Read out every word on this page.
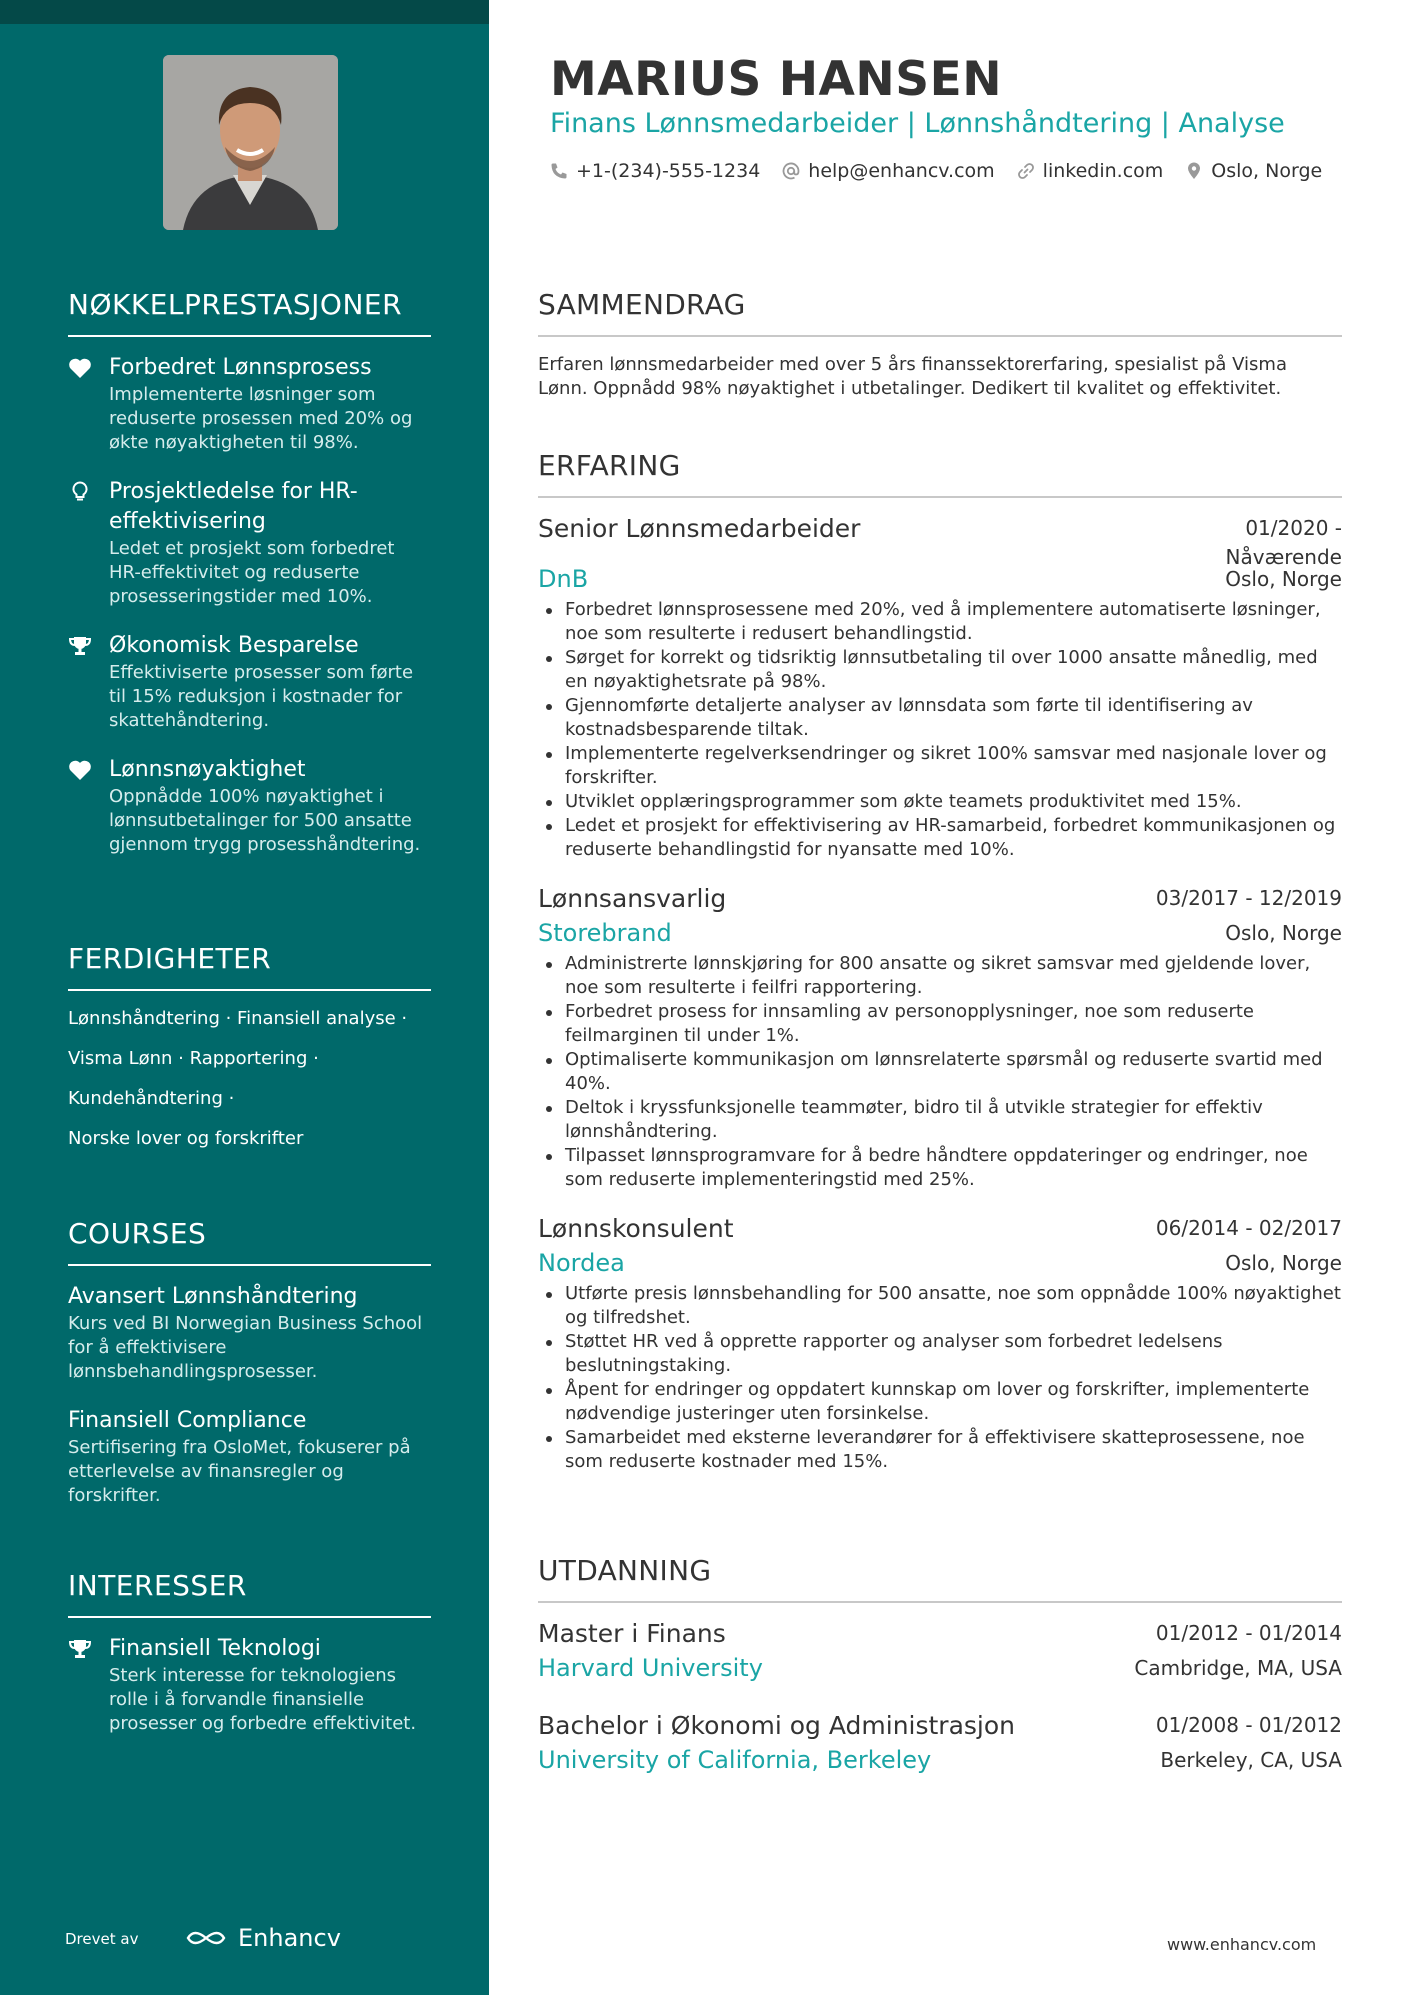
NØKKELPRESTASJONER
Forbedret Lønnsprosess
Implementerte løsninger som reduserte prosessen med 20% og økte nøyaktigheten til 98%.
Prosjektledelse for HR-effektivisering
Ledet et prosjekt som forbedret HR-effektivitet og reduserte prosesseringstider med 10%.
Økonomisk Besparelse
Effektiviserte prosesser som førte til 15% reduksjon i kostnader for skattehåndtering.
Lønnsnøyaktighet
Oppnådde 100% nøyaktighet i lønnsutbetalinger for 500 ansatte gjennom trygg prosesshåndtering.
FERDIGHETER
Lønnshåndtering · Finansiell analyse ·
Visma Lønn · Rapportering ·
Kundehåndtering ·
Norske lover og forskrifter
COURSES
Avansert Lønnshåndtering
Kurs ved BI Norwegian Business School for å effektivisere lønnsbehandlingsprosesser.
Finansiell Compliance
Sertifisering fra OsloMet, fokuserer på etterlevelse av finansregler og forskrifter.
INTERESSER
Finansiell Teknologi
Sterk interesse for teknologiens rolle i å forvandle finansielle prosesser og forbedre effektivitet.
Drevet av	Enhancv
MARIUS HANSEN
Finans Lønnsmedarbeider | Lønnshåndtering | Analyse
+1-(234)-555-1234	help@enhancv.com	linkedin.com	Oslo, Norge
SAMMENDRAG
Erfaren lønnsmedarbeider med over 5 års finanssektorerfaring, spesialist på Visma Lønn. Oppnådd 98% nøyaktighet i utbetalinger. Dedikert til kvalitet og effektivitet.
ERFARING
Senior Lønnsmedarbeider	01/2020 -
Nåværende
DnB	Oslo, Norge
Forbedret lønnsprosessene med 20%, ved å implementere automatiserte løsninger, noe som resulterte i redusert behandlingstid.
Sørget for korrekt og tidsriktig lønnsutbetaling til over 1000 ansatte månedlig, med en nøyaktighetsrate på 98%.
Gjennomførte detaljerte analyser av lønnsdata som førte til identifisering av kostnadsbesparende tiltak.
Implementerte regelverksendringer og sikret 100% samsvar med nasjonale lover og forskrifter.
Utviklet opplæringsprogrammer som økte teamets produktivitet med 15%.
Ledet et prosjekt for effektivisering av HR-samarbeid, forbedret kommunikasjonen og reduserte behandlingstid for nyansatte med 10%.
Lønnsansvarlig	03/2017 - 12/2019
Storebrand	Oslo, Norge
Administrerte lønnskjøring for 800 ansatte og sikret samsvar med gjeldende lover, noe som resulterte i feilfri rapportering.
Forbedret prosess for innsamling av personopplysninger, noe som reduserte feilmarginen til under 1%.
Optimaliserte kommunikasjon om lønnsrelaterte spørsmål og reduserte svartid med 40%.
Deltok i kryssfunksjonelle teammøter, bidro til å utvikle strategier for effektiv lønnshåndtering.
Tilpasset lønnsprogramvare for å bedre håndtere oppdateringer og endringer, noe som reduserte implementeringstid med 25%.
Lønnskonsulent	06/2014 - 02/2017
Nordea	Oslo, Norge
Utførte presis lønnsbehandling for 500 ansatte, noe som oppnådde 100% nøyaktighet og tilfredshet.
Støttet HR ved å opprette rapporter og analyser som forbedret ledelsens beslutningstaking.
Åpent for endringer og oppdatert kunnskap om lover og forskrifter, implementerte nødvendige justeringer uten forsinkelse.
Samarbeidet med eksterne leverandører for å effektivisere skatteprosessene, noe som reduserte kostnader med 15%.
UTDANNING
Master i Finans	01/2012 - 01/2014
Harvard University	Cambridge, MA, USA
Bachelor i Økonomi og Administrasjon	01/2008 - 01/2012
University of California, Berkeley	Berkeley, CA, USA
www.enhancv.com
